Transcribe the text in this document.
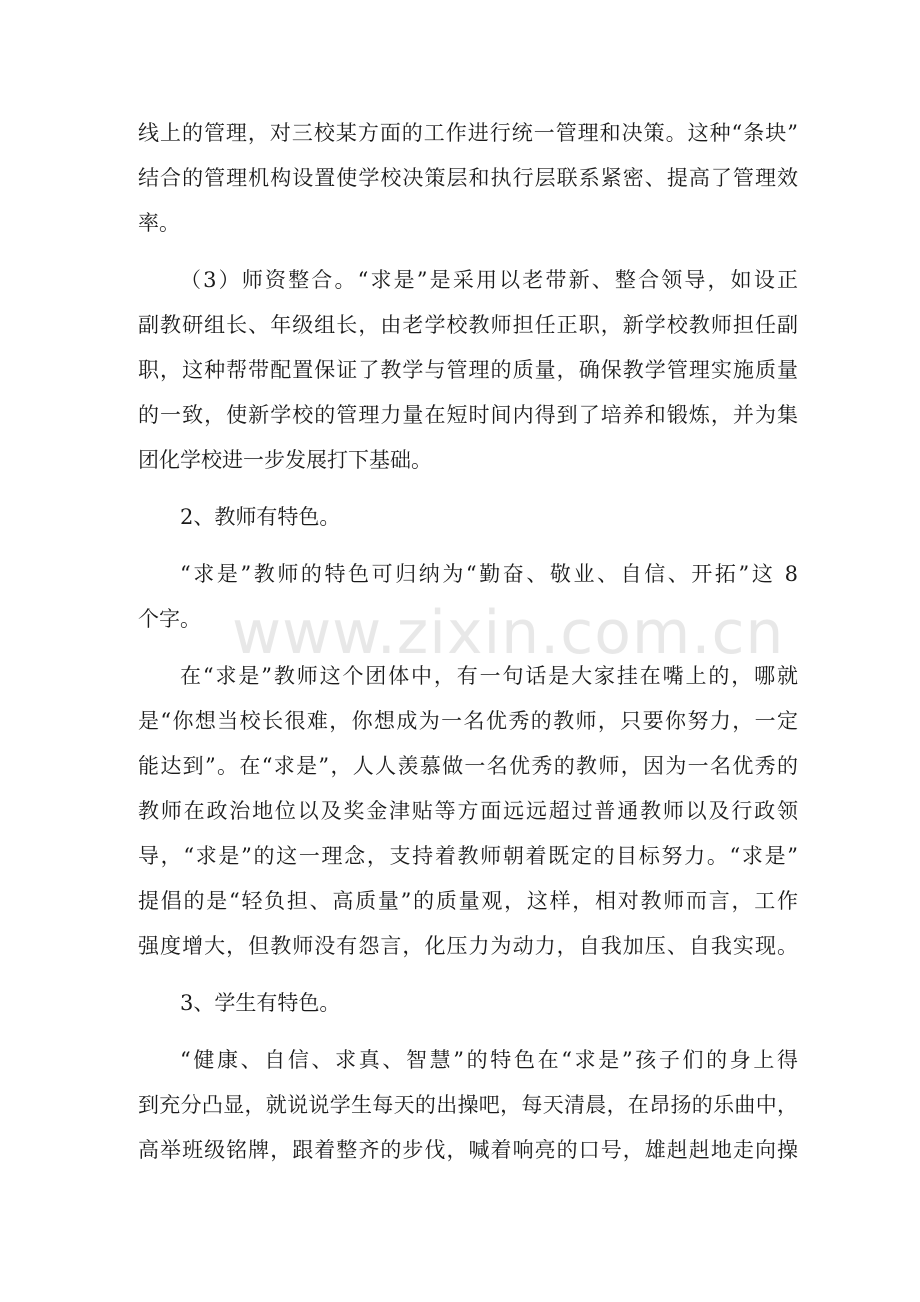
线上的管理，对三校某方面的工作进行统一管理和决策。这种“条块”
结合的管理机构设置使学校决策层和执行层联系紧密、提高了管理效
率。
（3）师资整合。“求是”是采用以老带新、整合领导，如设正
副教研组长、年级组长，由老学校教师担任正职，新学校教师担任副
职，这种帮带配置保证了教学与管理的质量，确保教学管理实施质量
的一致，使新学校的管理力量在短时间内得到了培养和锻炼，并为集
团化学校进一步发展打下基础。
2、教师有特色。
“求是”教师的特色可归纳为“勤奋、敬业、自信、开拓”这 8
个字。
在“求是”教师这个团体中，有一句话是大家挂在嘴上的，哪就
是“你想当校长很难，你想成为一名优秀的教师，只要你努力，一定
能达到”。在“求是”，人人羡慕做一名优秀的教师，因为一名优秀的
教师在政治地位以及奖金津贴等方面远远超过普通教师以及行政领
导，“求是”的这一理念，支持着教师朝着既定的目标努力。“求是”
提倡的是“轻负担、高质量”的质量观，这样，相对教师而言，工作
强度增大，但教师没有怨言，化压力为动力，自我加压、自我实现。
3、学生有特色。
“健康、自信、求真、智慧”的特色在“求是”孩子们的身上得
到充分凸显，就说说学生每天的出操吧，每天清晨，在昂扬的乐曲中，
高举班级铭牌，跟着整齐的步伐，喊着响亮的口号，雄赳赳地走向操
www.zixin.com.cn
